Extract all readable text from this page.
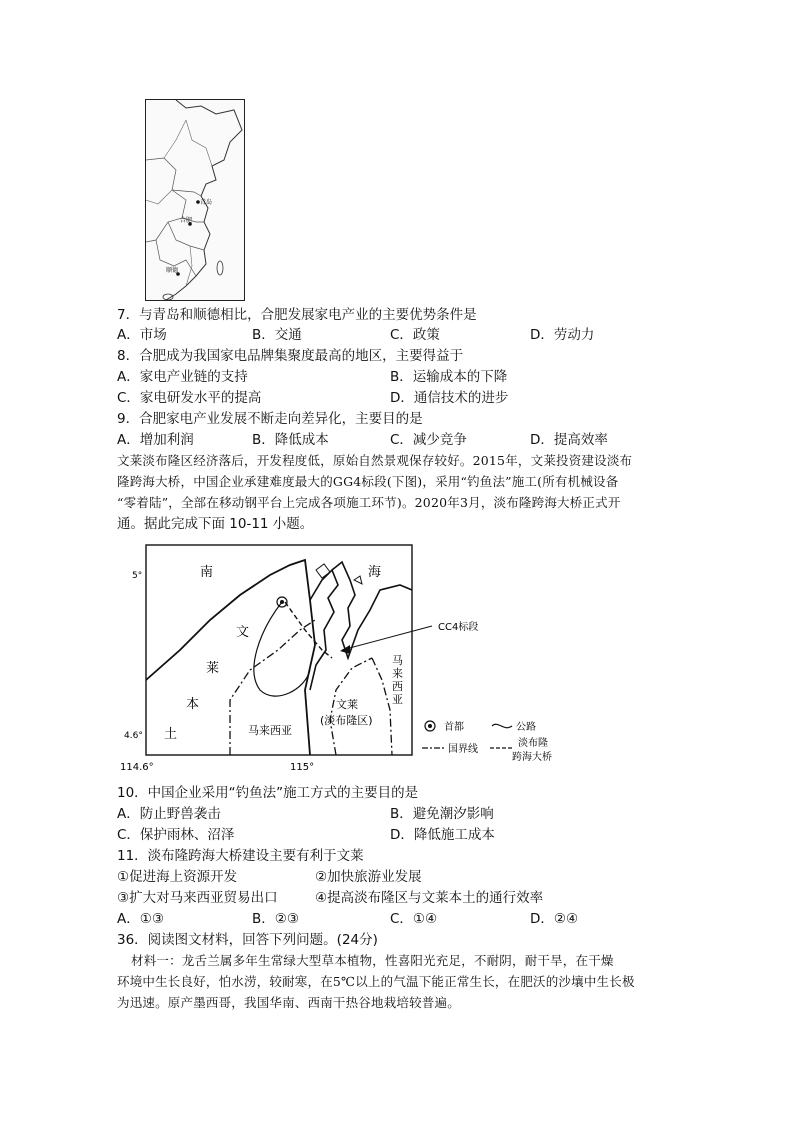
青岛
合肥
顺德
7．与青岛和顺德相比，合肥发展家电产业的主要优势条件是
A．市场	B．交通	C．政策	D．劳动力
8．合肥成为我国家电品牌集聚度最高的地区，主要得益于
A．家电产业链的支持	B．运输成本的下降
C．家电研发水平的提高	D．通信技术的进步
9．合肥家电产业发展不断走向差异化，主要目的是
A．增加利润	B．降低成本	C．减少竞争	D．提高效率
文莱淡布隆区经济落后，开发程度低，原始自然景观保存较好。2015年，文莱投资建设淡布
隆跨海大桥，中国企业承建难度最大的GG4标段(下图)，采用“钓鱼法”施工(所有机械设备
“零着陆”，全部在移动钢平台上完成各项施工环节)。2020年3月，淡布隆跨海大桥正式开
通。据此完成下面 10-11 小题。
南	海
文
莱
本
土	马来西亚
文莱
(淡布隆区)
马
来
西
亚
CC4标段
5°
4.6°
114.6°	115°
首都	公路
国界线
淡布隆
跨海大桥
10．中国企业采用“钓鱼法”施工方式的主要目的是
A．防止野兽袭击	B．避免潮汐影响
C．保护雨林、沼泽	D．降低施工成本
11．淡布隆跨海大桥建设主要有利于文莱
①促进海上资源开发	②加快旅游业发展
③扩大对马来西亚贸易出口	④提高淡布隆区与文莱本土的通行效率
A．①③	B．②③	C．①④	D．②④
36．阅读图文材料，回答下列问题。(24分)
材料一：龙舌兰属多年生常绿大型草本植物，性喜阳光充足，不耐阴，耐干旱，在干燥
环境中生长良好，怕水涝，较耐寒，在5℃以上的气温下能正常生长，在肥沃的沙壤中生长极
为迅速。原产墨西哥，我国华南、西南干热谷地栽培较普遍。
